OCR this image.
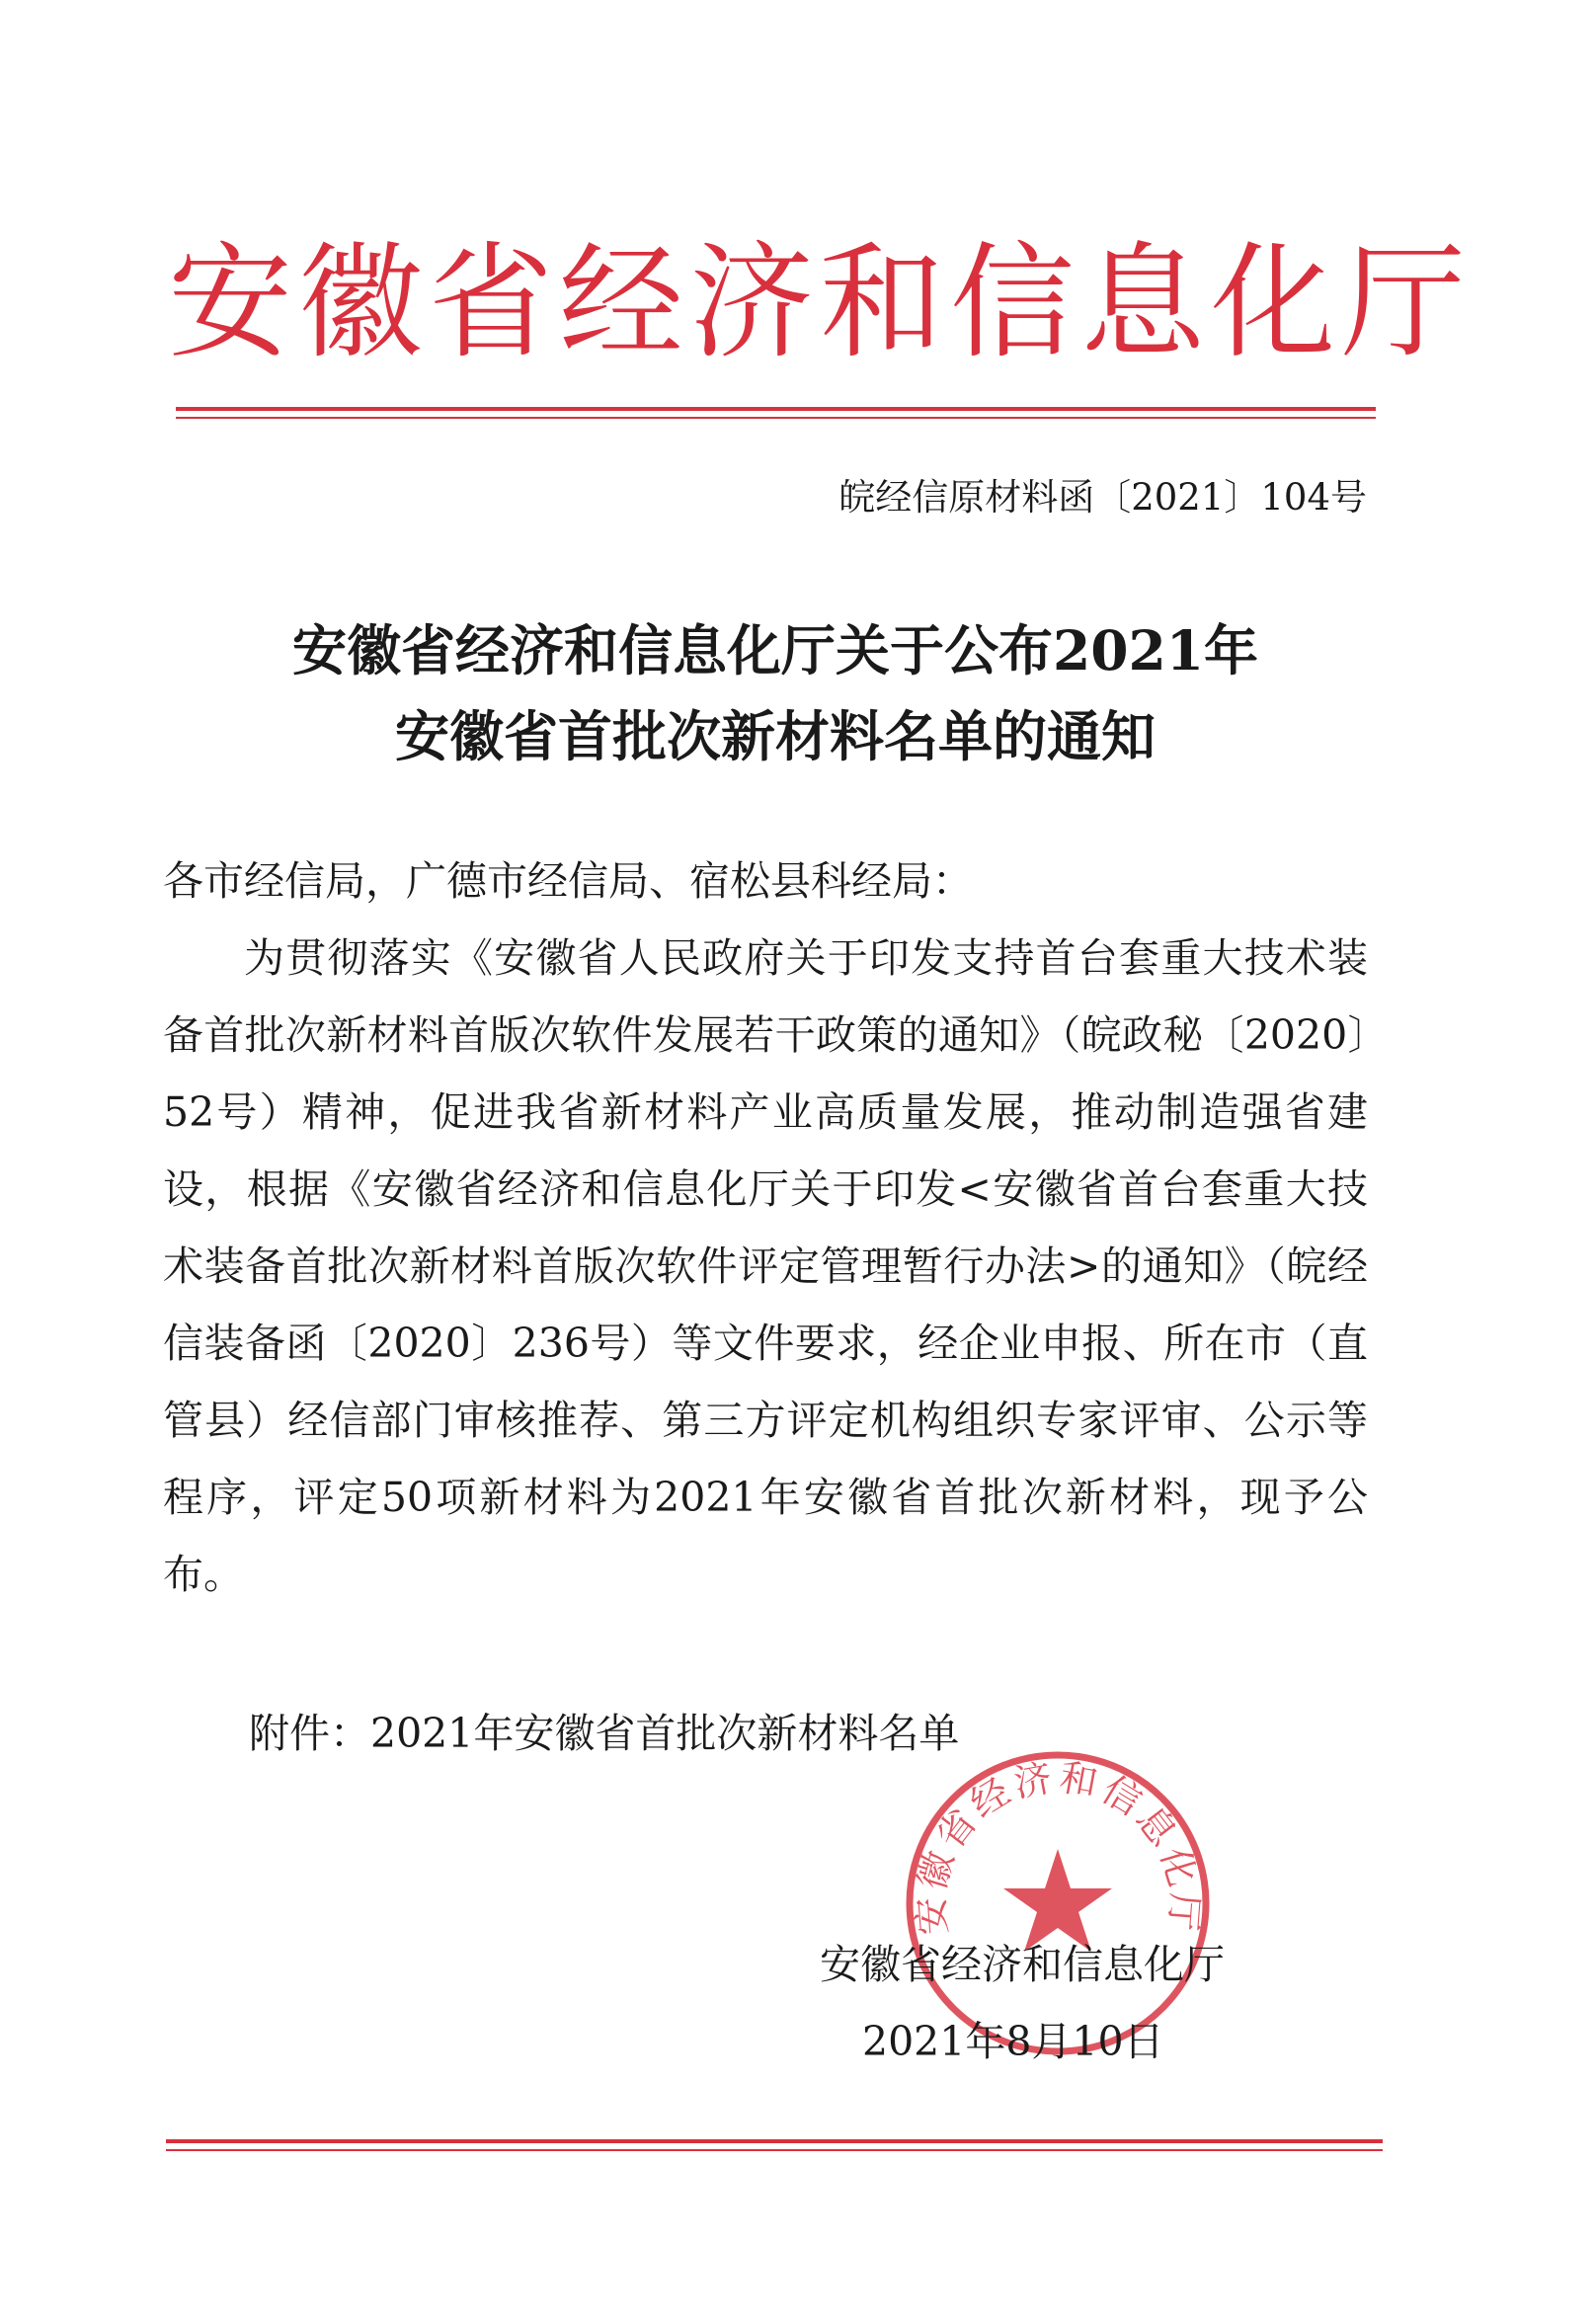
安徽省经济和信息化厅
皖经信原材料函〔2021〕104号
安徽省经济和信息化厅关于公布2021年
安徽省首批次新材料名单的通知
各市经信局，广德市经信局、宿松县科经局：
为贯彻落实《安徽省人民政府关于印发支持首台套重大技术装备首批次新材料首版次软件发展若干政策的通知》（皖政秘〔2020〕52号）精神，促进我省新材料产业高质量发展，推动制造强省建设，根据《安徽省经济和信息化厅关于印发<安徽省首台套重大技术装备首批次新材料首版次软件评定管理暂行办法>的通知》（皖经信装备函〔2020〕236号）等文件要求，经企业申报、所在市（直管县）经信部门审核推荐、第三方评定机构组织专家评审、公示等程序，评定50项新材料为2021年安徽省首批次新材料，现予公布。
附件：2021年安徽省首批次新材料名单
安徽省经济和信息化厅
安徽省经济和信息化厅
2021年8月10日
